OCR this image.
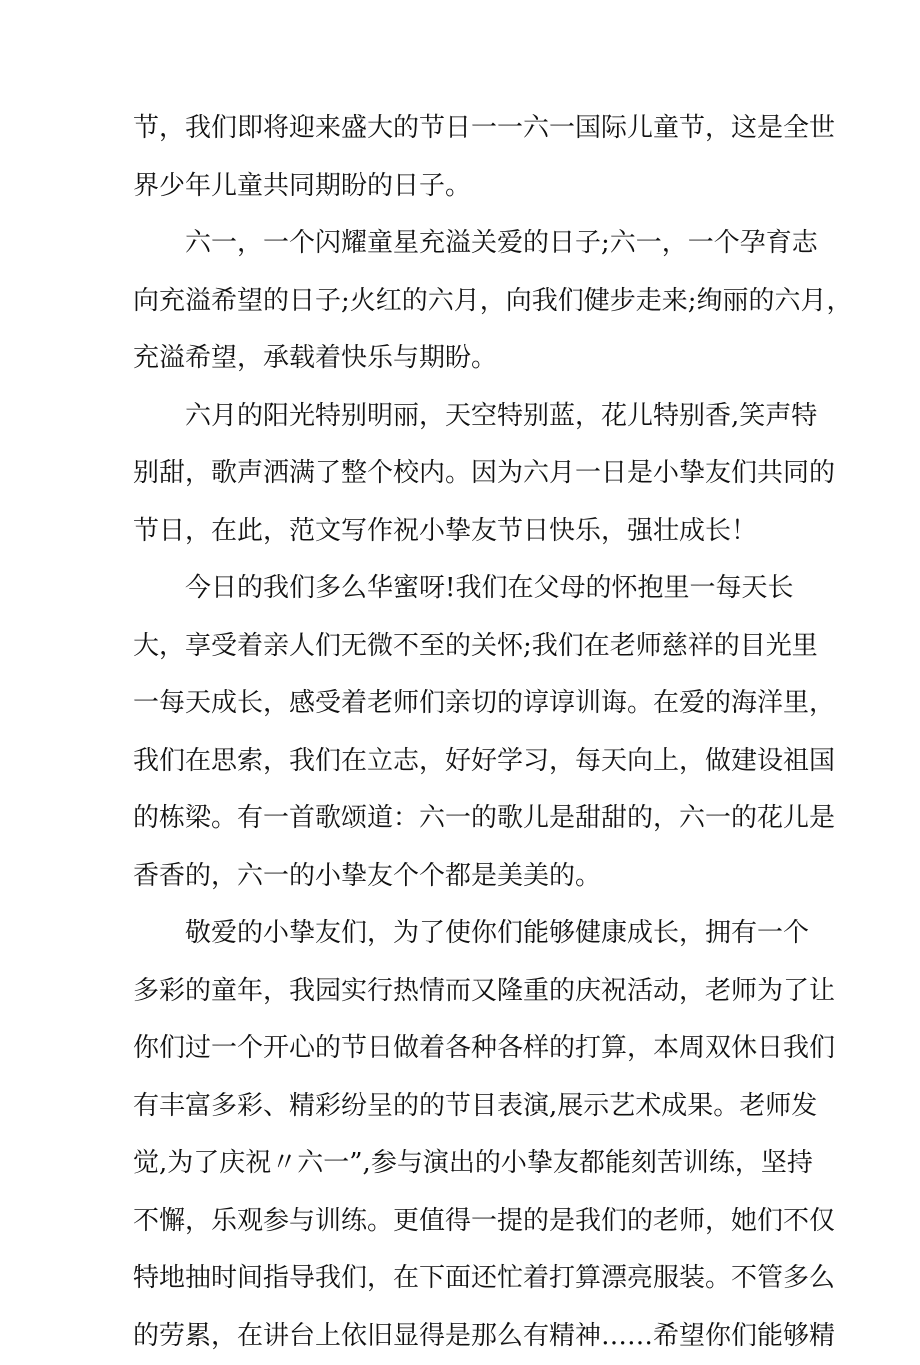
节，我们即将迎来盛大的节日一一六一国际儿童节，这是全世
界少年儿童共同期盼的日子。
　　六一，一个闪耀童星充溢关爱的日子;六一，一个孕育志
向充溢希望的日子;火红的六月，向我们健步走来;绚丽的六月，
充溢希望，承载着快乐与期盼。
　　六月的阳光特别明丽，天空特别蓝，花儿特别香,笑声特
别甜，歌声洒满了整个校内。因为六月一日是小挚友们共同的
节日，在此，范文写作祝小挚友节日快乐，强壮成长！
　　今日的我们多么华蜜呀!我们在父母的怀抱里一每天长
大，享受着亲人们无微不至的关怀;我们在老师慈祥的目光里
一每天成长，感受着老师们亲切的谆谆训诲。在爱的海洋里，
我们在思索，我们在立志，好好学习，每天向上，做建设祖国
的栋梁。有一首歌颂道：六一的歌儿是甜甜的，六一的花儿是
香香的，六一的小挚友个个都是美美的。
　　敬爱的小挚友们，为了使你们能够健康成长，拥有一个
多彩的童年，我园实行热情而又隆重的庆祝活动，老师为了让
你们过一个开心的节日做着各种各样的打算，本周双休日我们
有丰富多彩、精彩纷呈的的节目表演,展示艺术成果。老师发
觉,为了庆祝〃六一”,参与演出的小挚友都能刻苦训练，坚持
不懈，乐观参与训练。更值得一提的是我们的老师，她们不仅
特地抽时间指导我们，在下面还忙着打算漂亮服装。不管多么
的劳累，在讲台上依旧显得是那么有精神……希望你们能够精
